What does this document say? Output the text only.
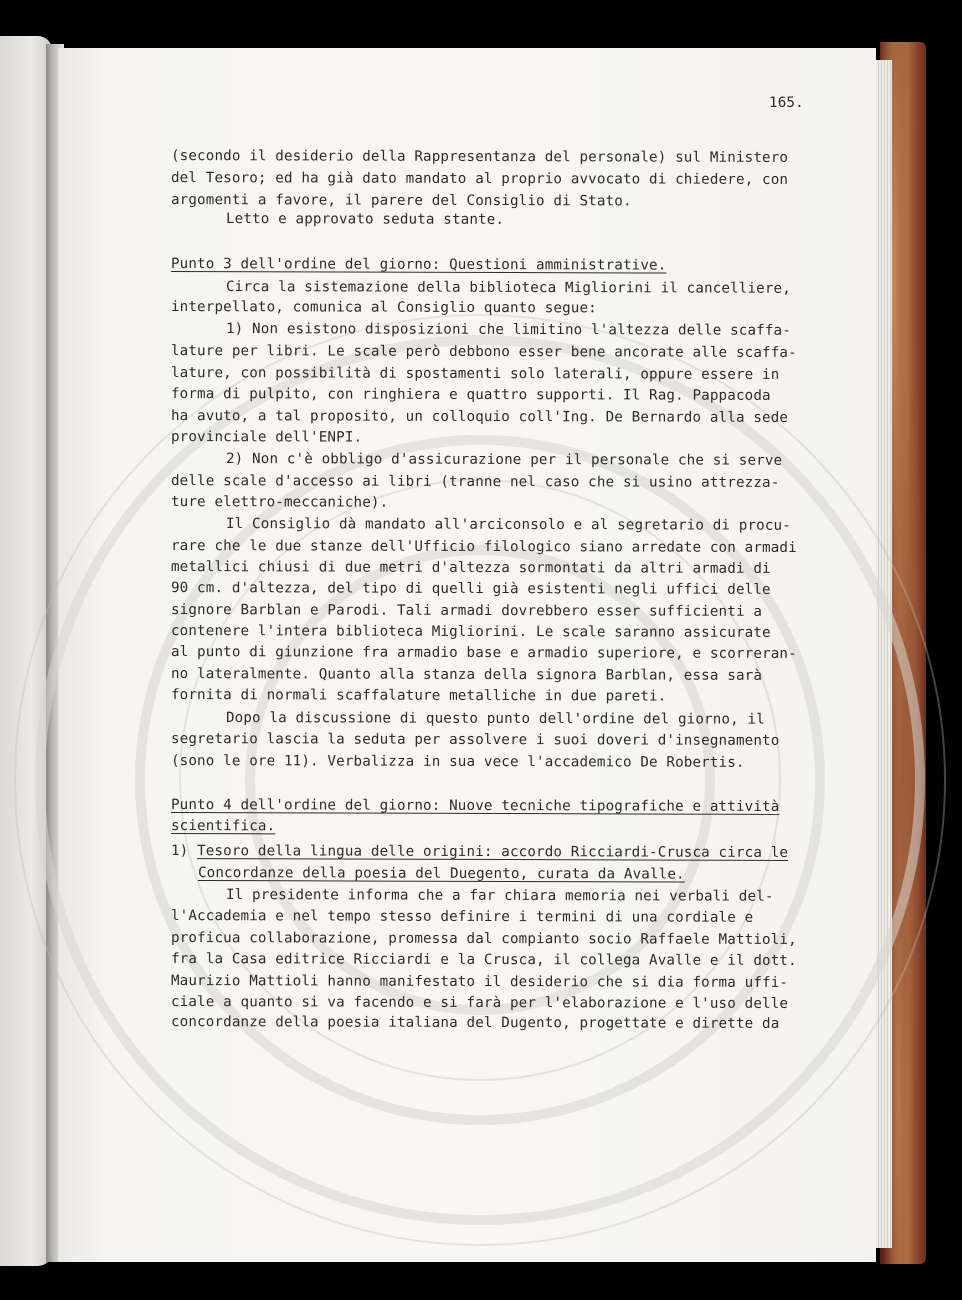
165.
(secondo il desiderio della Rappresentanza del personale) sul Ministero
del Tesoro; ed ha già dato mandato al proprio avvocato di chiedere, con
argomenti a favore, il parere del Consiglio di Stato.
Letto e approvato seduta stante.
Punto 3 dell'ordine del giorno: Questioni amministrative.
Circa la sistemazione della biblioteca Migliorini il cancelliere,
interpellato, comunica al Consiglio quanto segue:
1) Non esistono disposizioni che limitino l'altezza delle scaffa-
lature per libri. Le scale però debbono esser bene ancorate alle scaffa-
lature, con possibilità di spostamenti solo laterali, oppure essere in
forma di pulpito, con ringhiera e quattro supporti. Il Rag. Pappacoda
ha avuto, a tal proposito, un colloquio coll'Ing. De Bernardo alla sede
provinciale dell'ENPI.
2) Non c'è obbligo d'assicurazione per il personale che si serve
delle scale d'accesso ai libri (tranne nel caso che si usino attrezza-
ture elettro-meccaniche).
Il Consiglio dà mandato all'arciconsolo e al segretario di procu-
rare che le due stanze dell'Ufficio filologico siano arredate con armadi
metallici chiusi di due metri d'altezza sormontati da altri armadi di
90 cm. d'altezza, del tipo di quelli già esistenti negli uffici delle
signore Barblan e Parodi. Tali armadi dovrebbero esser sufficienti a
contenere l'intera biblioteca Migliorini. Le scale saranno assicurate
al punto di giunzione fra armadio base e armadio superiore, e scorreran-
no lateralmente. Quanto alla stanza della signora Barblan, essa sarà
fornita di normali scaffalature metalliche in due pareti.
Dopo la discussione di questo punto dell'ordine del giorno, il
segretario lascia la seduta per assolvere i suoi doveri d'insegnamento
(sono le ore 11). Verbalizza in sua vece l'accademico De Robertis.
Punto 4 dell'ordine del giorno: Nuove tecniche tipografiche e attività
scientifica.
1) Tesoro della lingua delle origini: accordo Ricciardi-Crusca circa le
Concordanze della poesia del Duegento, curata da Avalle.
Il presidente informa che a far chiara memoria nei verbali del-
l'Accademia e nel tempo stesso definire i termini di una cordiale e
proficua collaborazione, promessa dal compianto socio Raffaele Mattioli,
fra la Casa editrice Ricciardi e la Crusca, il collega Avalle e il dott.
Maurizio Mattioli hanno manifestato il desiderio che si dia forma uffi-
ciale a quanto si va facendo e si farà per l'elaborazione e l'uso delle
concordanze della poesia italiana del Dugento, progettate e dirette da
